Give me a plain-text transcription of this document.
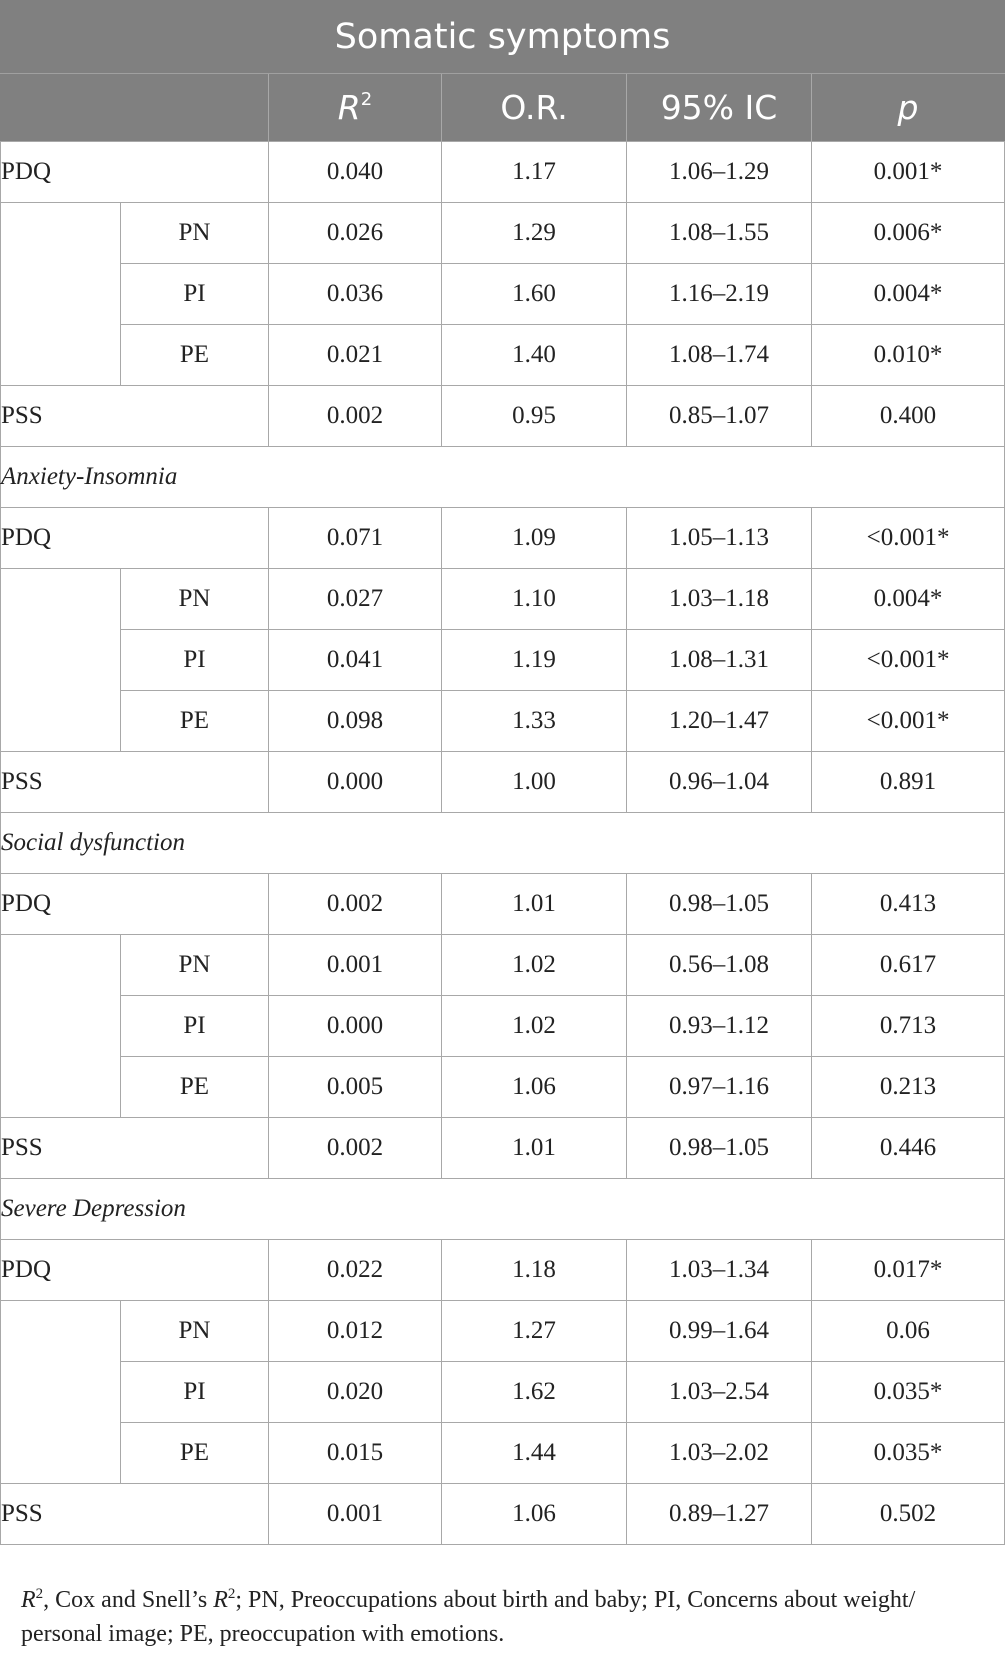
Somatic symptoms					
		$R^2$	O.R.	95% IC	p
PDQ		0.040	1.17	1.06–1.29	0.001*
	PN	0.026	1.29	1.08–1.55	0.006*
	PI	0.036	1.60	1.16–2.19	0.004*
	PE	0.021	1.40	1.08–1.74	0.010*
PSS		0.002	0.95	0.85–1.07	0.400
Anxiety-Insomnia					
PDQ		0.071	1.09	1.05–1.13	<0.001*
	PN	0.027	1.10	1.03–1.18	0.004*
	PI	0.041	1.19	1.08–1.31	<0.001*
	PE	0.098	1.33	1.20–1.47	<0.001*
PSS		0.000	1.00	0.96–1.04	0.891
Social dysfunction					
PDQ		0.002	1.01	0.98–1.05	0.413
	PN	0.001	1.02	0.56–1.08	0.617
	PI	0.000	1.02	0.93–1.12	0.713
	PE	0.005	1.06	0.97–1.16	0.213
PSS		0.002	1.01	0.98–1.05	0.446
Severe Depression					
PDQ		0.022	1.18	1.03–1.34	0.017*
	PN	0.012	1.27	0.99–1.64	0.06
	PI	0.020	1.62	1.03–2.54	0.035*
	PE	0.015	1.44	1.03–2.02	0.035*
PSS		0.001	1.06	0.89–1.27	0.502
$R^2$, Cox and Snell’s $R^2$; PN, Preoccupations about birth and baby; PI, Concerns about weight/ personal image; PE, preoccupation with emotions.
